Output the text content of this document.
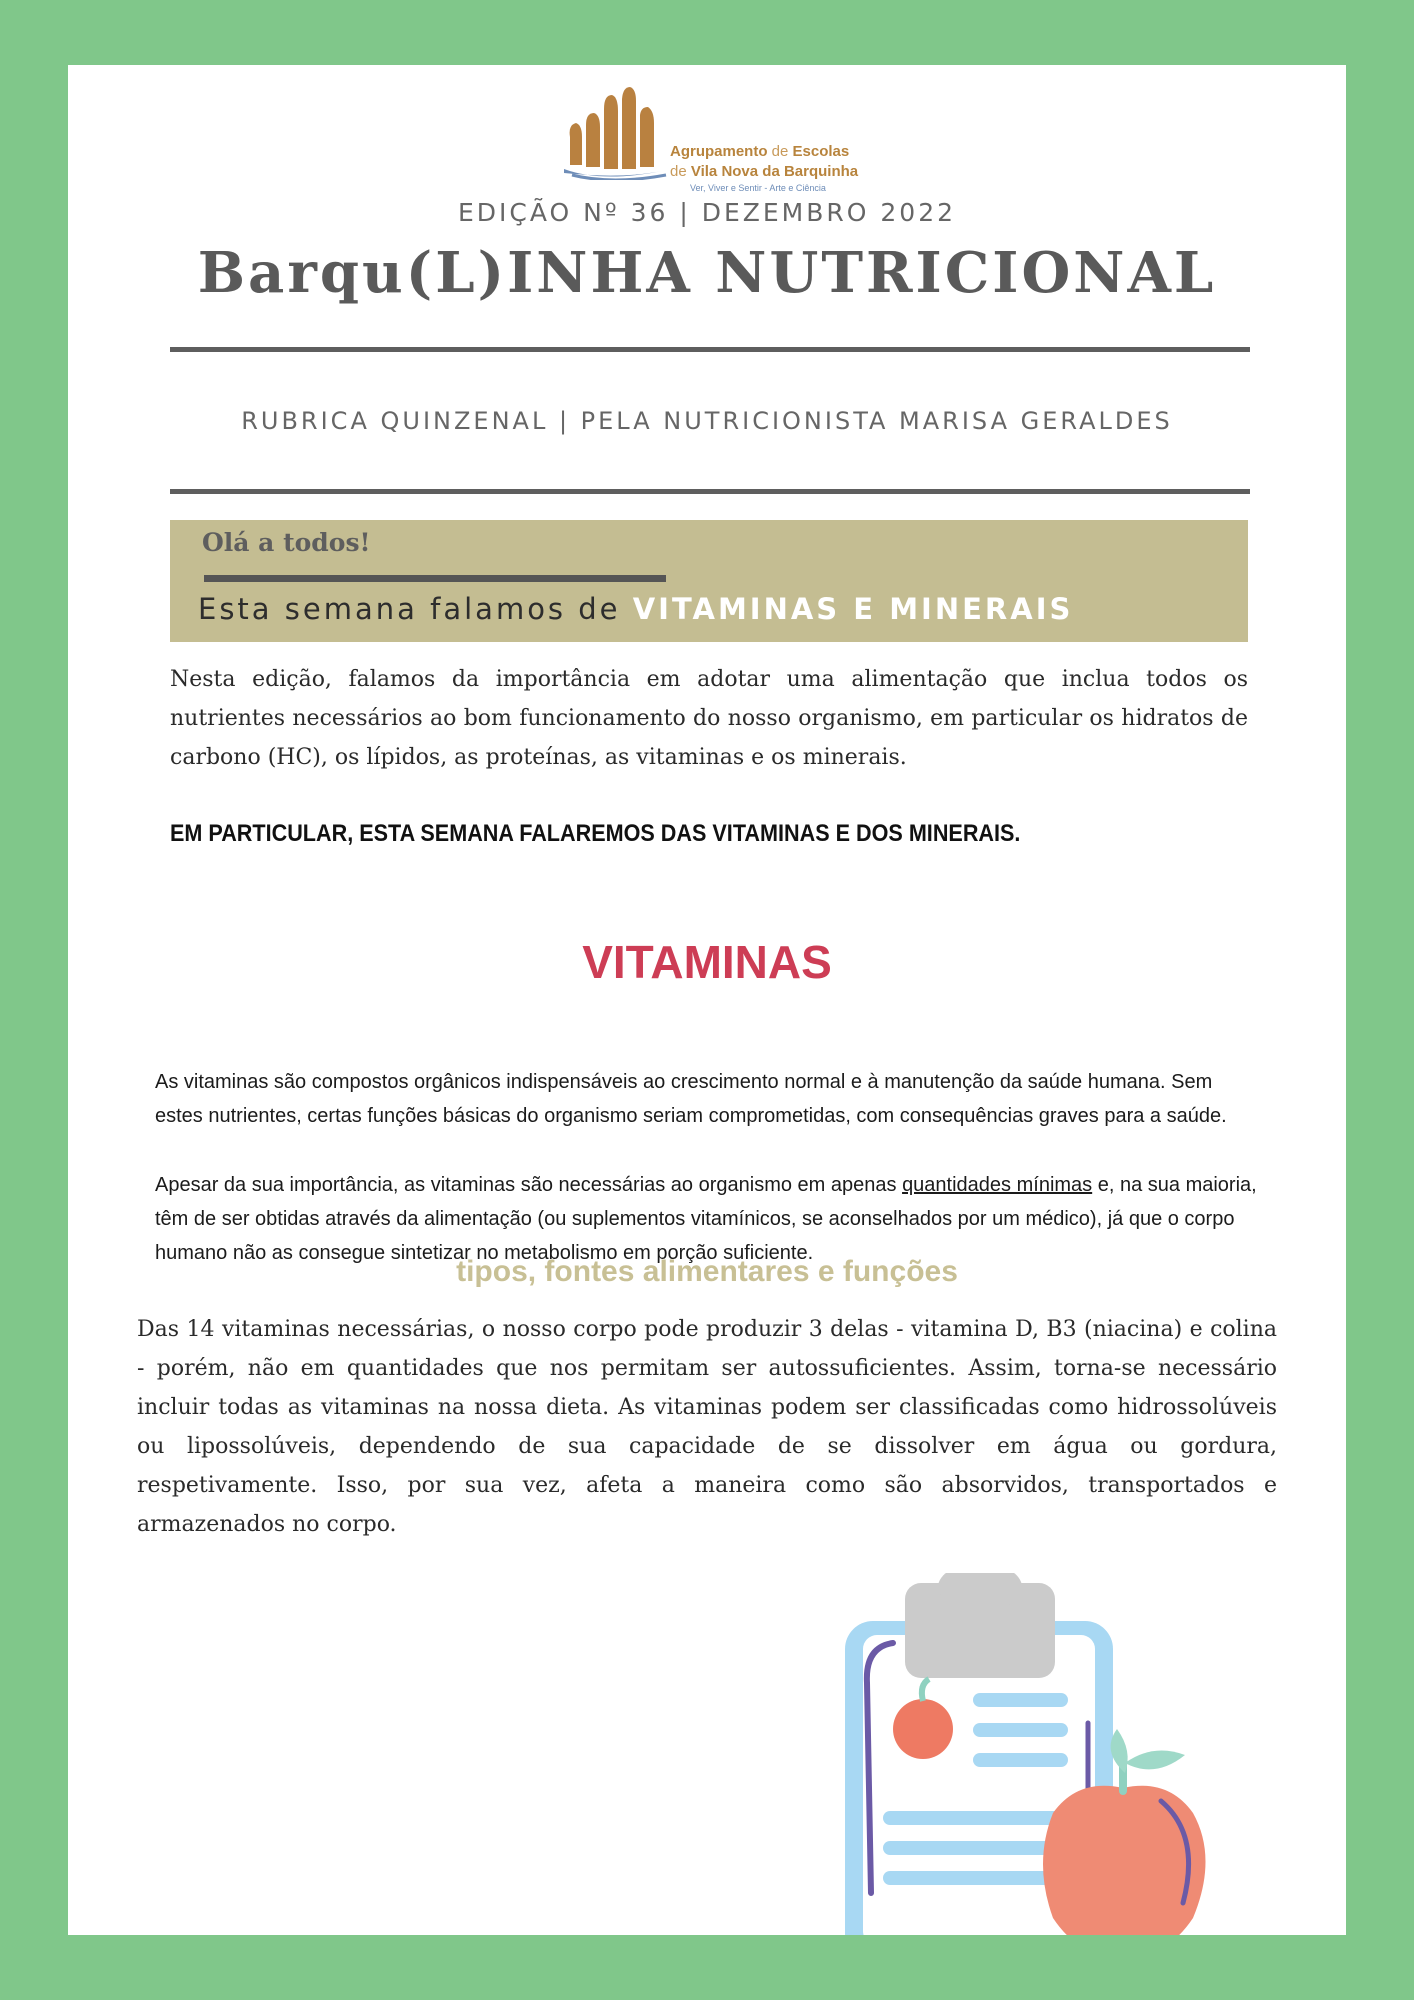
Agrupamento de Escolas
de Vila Nova da Barquinha
Ver, Viver e Sentir - Arte e Ciência
EDIÇÃO Nº 36 | DEZEMBRO 2022
Barqu(L)INHA NUTRICIONAL
RUBRICA QUINZENAL | PELA NUTRICIONISTA MARISA GERALDES
Olá a todos!
Esta semana falamos de VITAMINAS E MINERAIS
Nesta edição, falamos da importância em adotar uma alimentação que inclua todos os nutrientes necessários ao bom funcionamento do nosso organismo, em particular os hidratos de carbono (HC), os lípidos, as proteínas, as vitaminas e os minerais.
EM PARTICULAR, ESTA SEMANA FALAREMOS DAS VITAMINAS E DOS MINERAIS.
VITAMINAS
As vitaminas são compostos orgânicos indispensáveis ao crescimento normal e à manutenção da saúde humana. Sem estes nutrientes, certas funções básicas do organismo seriam comprometidas, com consequências graves para a saúde.
Apesar da sua importância, as vitaminas são necessárias ao organismo em apenas quantidades mínimas e, na sua maioria, têm de ser obtidas através da alimentação (ou suplementos vitamínicos, se aconselhados por um médico), já que o corpo humano não as consegue sintetizar no metabolismo em porção suficiente.
tipos, fontes alimentares e funções
Das 14 vitaminas necessárias, o nosso corpo pode produzir 3 delas - vitamina D, B3 (niacina) e colina - porém, não em quantidades que nos permitam ser autossuficientes. Assim, torna-se necessário incluir todas as vitaminas na nossa dieta. As vitaminas podem ser classificadas como hidrossolúveis ou lipossolúveis, dependendo de sua capacidade de se dissolver em água ou gordura, respetivamente. Isso, por sua vez, afeta a maneira como são absorvidos, transportados e armazenados no corpo.
